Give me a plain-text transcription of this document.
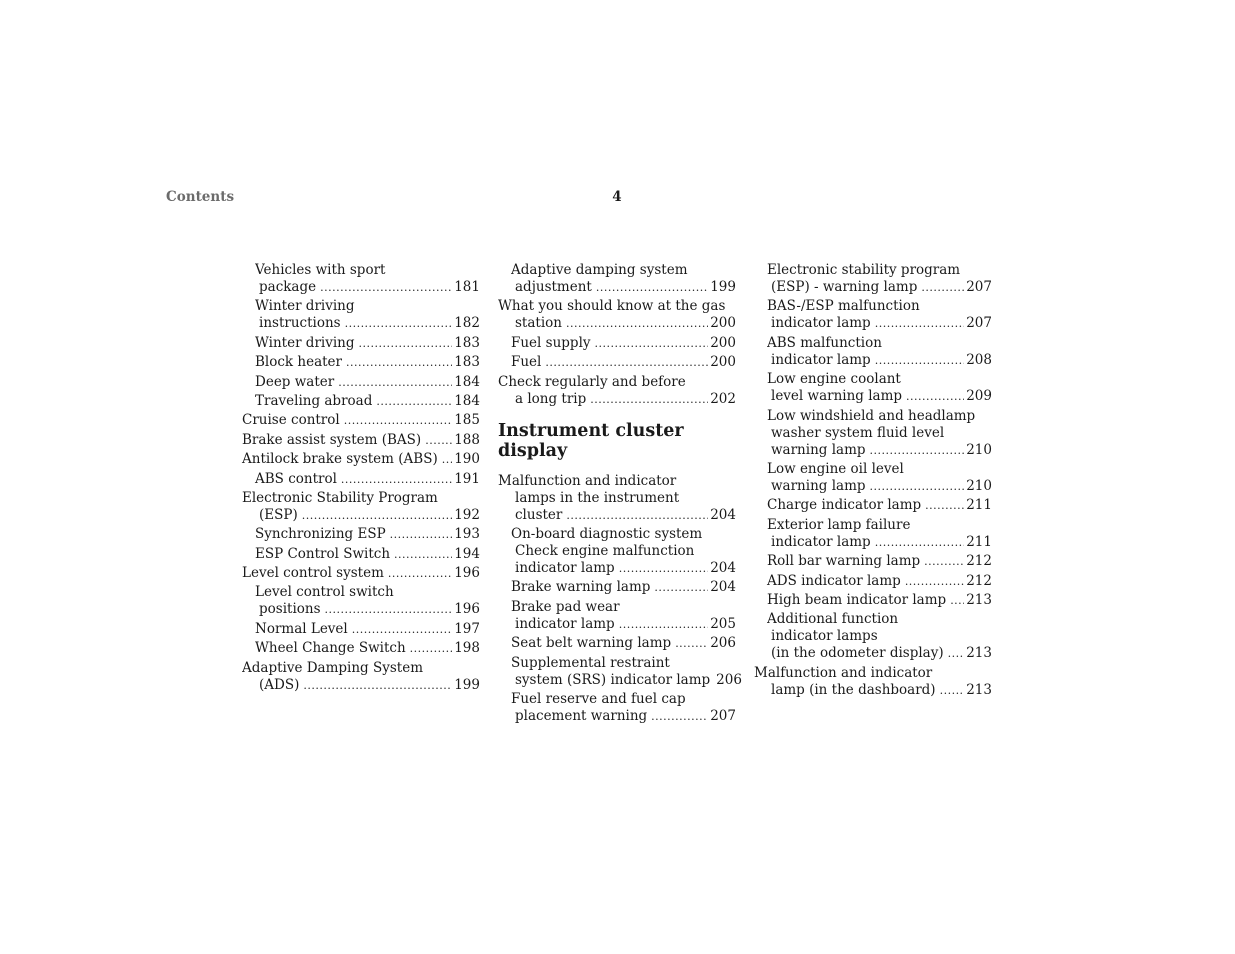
Contents	4
Vehicles with sport
package .....	181
Winter driving
instructions .....	182
Winter driving .....	183
Block heater .....	183
Deep water .....	184
Traveling abroad .....	184
Cruise control .....	185
Brake assist system (BAS) ..... 188
Antilock brake system (ABS) ..... 190
ABS control .....	191
Electronic Stability Program
(ESP) .....	192
Synchronizing ESP .....	193
ESP Control Switch .....	194
Level control system .....	196
Level control switch
positions .....	196
Normal Level .....	197
Wheel Change Switch .....	198
Adaptive Damping System
(ADS) .....	199
Adaptive damping system
adjustment .....	199
What you should know at the gas
station .....	200
Fuel supply .....	200
Fuel .....	200
Check regularly and before
a long trip .....	202
Instrument cluster display
Malfunction and indicator
lamps in the instrument
cluster .....	204
On-board diagnostic system
Check engine malfunction
indicator lamp .....	204
Brake warning lamp .....	204
Brake pad wear
indicator lamp .....	205
Seat belt warning lamp .....	206
Supplemental restraint
system (SRS) indicator lamp 206
Fuel reserve and fuel cap
placement warning .....	207
Electronic stability program
(ESP) - warning lamp .....	207
BAS-/ESP malfunction
indicator lamp .....	207
ABS malfunction
indicator lamp .....	208
Low engine coolant
level warning lamp .....	209
Low windshield and headlamp
washer system fluid level
warning lamp .....	210
Low engine oil level
warning lamp .....	210
Charge indicator lamp .....	211
Exterior lamp failure
indicator lamp .....	211
Roll bar warning lamp .....	212
ADS indicator lamp .....	212
High beam indicator lamp ..... 213
Additional function
indicator lamps
(in the odometer display) ..... 213
Malfunction and indicator
lamp (in the dashboard) ..... 213
